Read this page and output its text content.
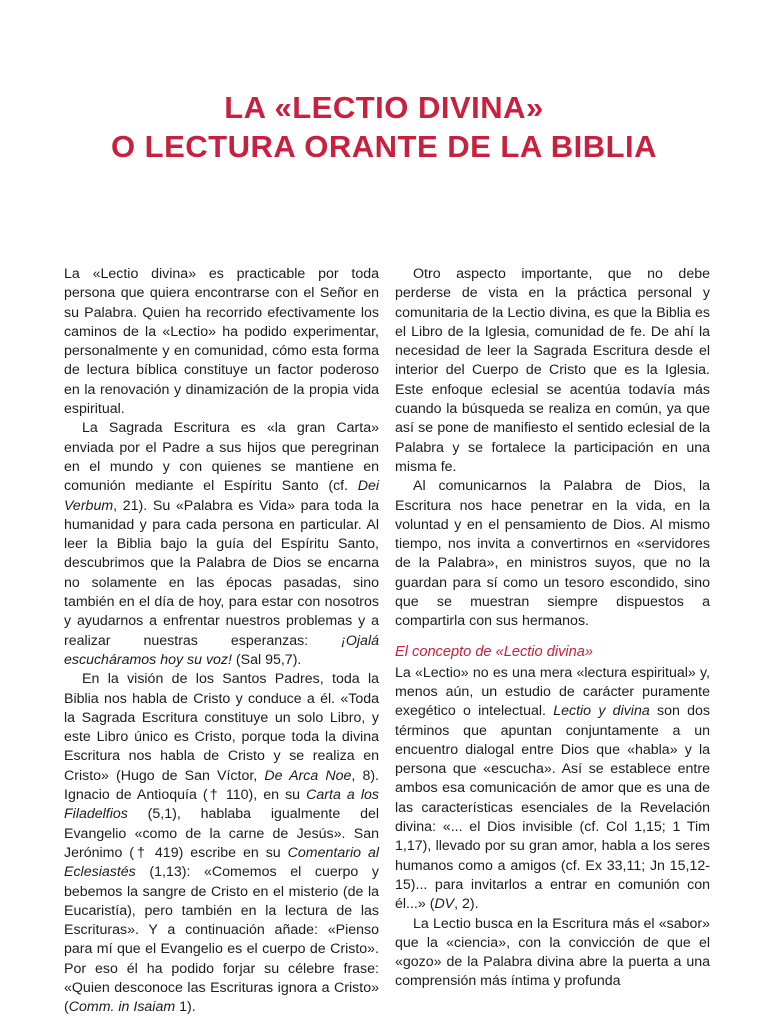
LA «LECTIO DIVINA»
O LECTURA ORANTE DE LA BIBLIA

La «Lectio divina» es practicable por toda persona que quiera encontrarse con el Señor en su Palabra. Quien ha recorrido efectivamente los caminos de la «Lectio» ha podido experimentar, personalmente y en comunidad, cómo esta forma de lectura bíblica constituye un factor poderoso en la renovación y dinamización de la propia vida espiritual.

La Sagrada Escritura es «la gran Carta» enviada por el Padre a sus hijos que peregrinan en el mundo y con quienes se mantiene en comunión mediante el Espíritu Santo (cf. Dei Verbum, 21). Su «Palabra es Vida» para toda la humanidad y para cada persona en particular. Al leer la Biblia bajo la guía del Espíritu Santo, descubrimos que la Palabra de Dios se encarna no solamente en las épocas pasadas, sino también en el día de hoy, para estar con nosotros y ayudarnos a enfrentar nuestros problemas y a realizar nuestras esperanzas: ¡Ojalá escucháramos hoy su voz! (Sal 95,7).

En la visión de los Santos Padres, toda la Biblia nos habla de Cristo y conduce a él. «Toda la Sagrada Escritura constituye un solo Libro, y este Libro único es Cristo, porque toda la divina Escritura nos habla de Cristo y se realiza en Cristo» (Hugo de San Víctor, De Arca Noe, 8). Ignacio de Antioquía († 110), en su Carta a los Filadelfios (5,1), hablaba igualmente del Evangelio «como de la carne de Jesús». San Jerónimo († 419) escribe en su Comentario al Eclesiastés (1,13): «Comemos el cuerpo y bebemos la sangre de Cristo en el misterio (de la Eucaristía), pero también en la lectura de las Escrituras». Y a continuación añade: «Pienso para mí que el Evangelio es el cuerpo de Cristo». Por eso él ha podido forjar su célebre frase: «Quien desconoce las Escrituras ignora a Cristo» (Comm. in Isaiam 1).

Otro aspecto importante, que no debe perderse de vista en la práctica personal y comunitaria de la Lectio divina, es que la Biblia es el Libro de la Iglesia, comunidad de fe. De ahí la necesidad de leer la Sagrada Escritura desde el interior del Cuerpo de Cristo que es la Iglesia. Este enfoque eclesial se acentúa todavía más cuando la búsqueda se realiza en común, ya que así se pone de manifiesto el sentido eclesial de la Palabra y se fortalece la participación en una misma fe.

Al comunicarnos la Palabra de Dios, la Escritura nos hace penetrar en la vida, en la voluntad y en el pensamiento de Dios. Al mismo tiempo, nos invita a convertirnos en «servidores de la Palabra», en ministros suyos, que no la guardan para sí como un tesoro escondido, sino que se muestran siempre dispuestos a compartirla con sus hermanos.

El concepto de «Lectio divina»

La «Lectio» no es una mera «lectura espiritual» y, menos aún, un estudio de carácter puramente exegético o intelectual. Lectio y divina son dos términos que apuntan conjuntamente a un encuentro dialogal entre Dios que «habla» y la persona que «escucha». Así se establece entre ambos esa comunicación de amor que es una de las características esenciales de la Revelación divina: «... el Dios invisible (cf. Col 1,15; 1 Tim 1,17), llevado por su gran amor, habla a los seres humanos como a amigos (cf. Ex 33,11; Jn 15,12-15)... para invitarlos a entrar en comunión con él...» (DV, 2).

La Lectio busca en la Escritura más el «sabor» que la «ciencia», con la convicción de que el «gozo» de la Palabra divina abre la puerta a una comprensión más íntima y profunda
